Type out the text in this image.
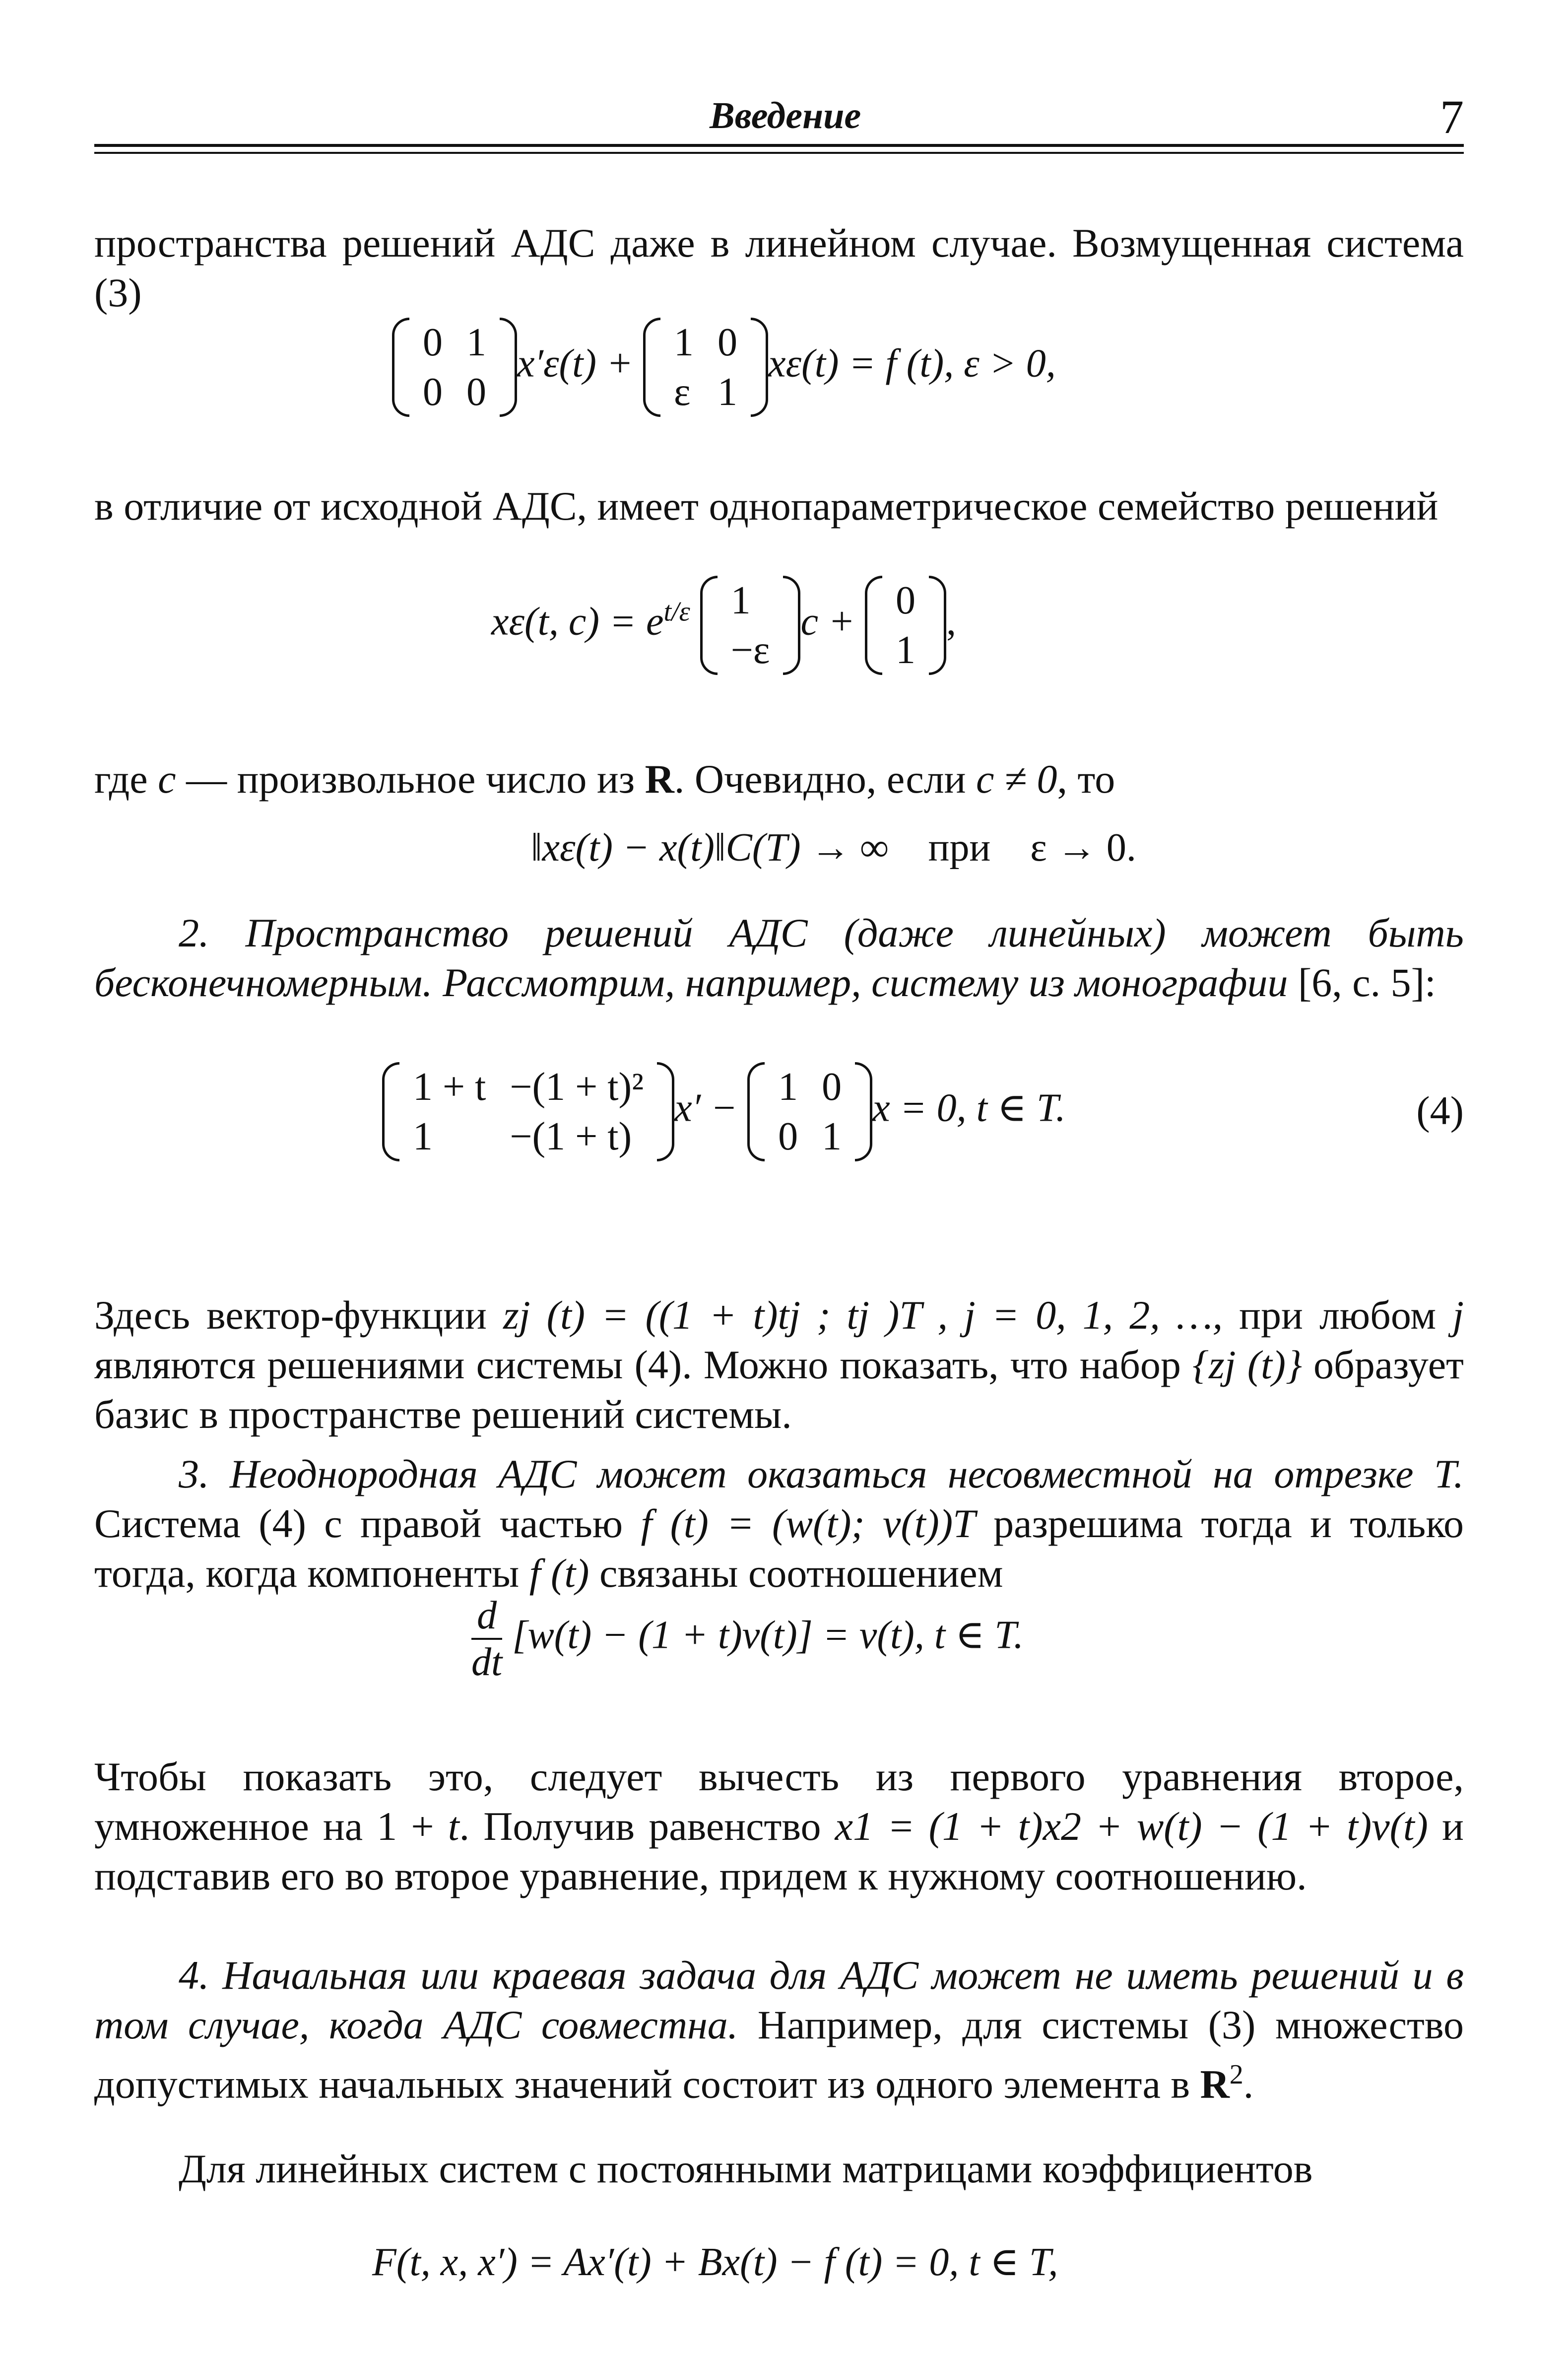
Введение	7
пространства решений АДС даже в линейном случае. Возмущенная система (3)
0	1
0	0
x′ε(t) + 1	0
ε	1
xε(t) = f (t), ε > 0,
в отличие от исходной АДС, имеет однопараметрическое семейство решений
xε(t, $c) = e^{t/\varepsilon}$ 1
−ε
c + 0
1
,
где c — произвольное число из R. Очевидно, если c ≠ 0, то
‖xε(t) − x(t)‖C(T) → ∞ при ε → 0.
2. Пространство решений АДС (даже линейных) может быть бесконечномерным. Рассмотрим, например, систему из монографии [6, с. 5]:
1 + t	−(1 + t)²
1	−(1 + t)
x′ − 1	0
0	1
x = 0, t ∈ T.	(4)
Здесь вектор-функции zj (t) = ((1 + t)tj ; tj )T , j = 0, 1, 2, …, при любом j являются решениями системы (4). Можно показать, что набор {zj (t)} образует базис в пространстве решений системы.
3. Неоднородная АДС может оказаться несовместной на отрезке T. Система (4) с правой частью f (t) = (w(t); v(t))T разрешима тогда и только тогда, когда компоненты f (t) связаны соотношением
$\frac{d}{dt} [w(t) - (1 + t)v(t)] = v(t)$, t ∈ T.
Чтобы показать это, следует вычесть из первого уравнения второе, умноженное на 1 + t. Получив равенство x1 = (1 + t)x2 + w(t) − (1 + t)v(t) и подставив его во второе уравнение, придем к нужному соотношению.
4. Начальная или краевая задача для АДС может не иметь решений и в том случае, когда АДС совместна. Например, для системы (3) множество допустимых начальных значений состоит из одного элемента в $R^2$.
Для линейных систем с постоянными матрицами коэффициентов
F(t, x, x′) = Ax′(t) + Bx(t) − f (t) = 0, t ∈ T,
